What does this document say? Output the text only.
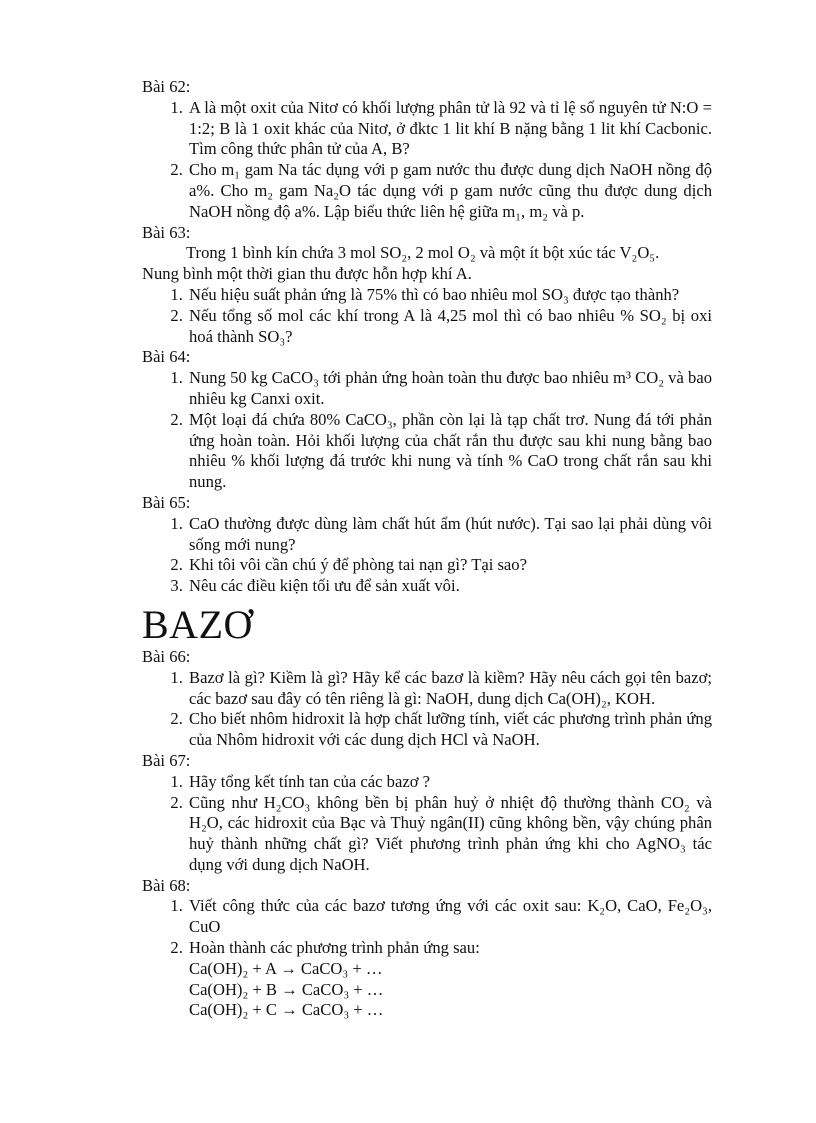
Bài 62:

1. A là một oxit của Nitơ có khối lượng phân tử là 92 và tỉ lệ số nguyên tử N:O = 1:2; B là 1 oxit khác của Nitơ, ở đktc 1 lit khí B nặng bằng 1 lit khí Cacbonic. Tìm công thức phân tử của A, B?
2. Cho m₁ gam Na tác dụng với p gam nước thu được dung dịch NaOH nồng độ a%. Cho m₂ gam Na₂O tác dụng với p gam nước cũng thu được dung dịch NaOH nồng độ a%. Lập biểu thức liên hệ giữa m₁, m₂ và p.

Bài 63:

Trong 1 bình kín chứa 3 mol SO₂, 2 mol O₂ và một ít bột xúc tác V₂O₅.

Nung bình một thời gian thu được hỗn hợp khí A.

1. Nếu hiệu suất phản ứng là 75% thì có bao nhiêu mol SO₃ được tạo thành?
2. Nếu tổng số mol các khí trong A là 4,25 mol thì có bao nhiêu % SO₂ bị oxi hoá thành SO₃?

Bài 64:

1. Nung 50 kg CaCO₃ tới phản ứng hoàn toàn thu được bao nhiêu m³ CO₂ và bao nhiêu kg Canxi oxit.
2. Một loại đá chứa 80% CaCO₃, phần còn lại là tạp chất trơ. Nung đá tới phản ứng hoàn toàn. Hỏi khối lượng của chất rắn thu được sau khi nung bằng bao nhiêu % khối lượng đá trước khi nung và tính % CaO trong chất rắn sau khi nung.

Bài 65:

1. CaO thường được dùng làm chất hút ẩm (hút nước). Tại sao lại phải dùng vôi sống mới nung?
2. Khi tôi vôi cần chú ý để phòng tai nạn gì? Tại sao?
3. Nêu các điều kiện tối ưu để sản xuất vôi.
BAZƠ

Bài 66:

1. Bazơ là gì? Kiềm là gì? Hãy kể các bazơ là kiềm? Hãy nêu cách gọi tên bazơ; các bazơ sau đây có tên riêng là gì: NaOH, dung dịch Ca(OH)₂, KOH.
2. Cho biết nhôm hidroxit là hợp chất lưỡng tính, viết các phương trình phản ứng của Nhôm hidroxit với các dung dịch HCl và NaOH.

Bài 67:

1. Hãy tổng kết tính tan của các bazơ ?
2. Cũng như H₂CO₃ không bền bị phân huỷ ở nhiệt độ thường thành CO₂ và H₂O, các hidroxit của Bạc và Thuỷ ngân(II) cũng không bền, vậy chúng phân huỷ thành những chất gì? Viết phương trình phản ứng khi cho AgNO₃ tác dụng với dung dịch NaOH.

Bài 68:

1. Viết công thức của các bazơ tương ứng với các oxit sau: K₂O, CaO, Fe₂O₃, CuO
2. Hoàn thành các phương trình phản ứng sau:
Ca(OH)₂ + A → CaCO₃ + …
Ca(OH)₂ + B → CaCO₃ + …
Ca(OH)₂ + C → CaCO₃ + …
